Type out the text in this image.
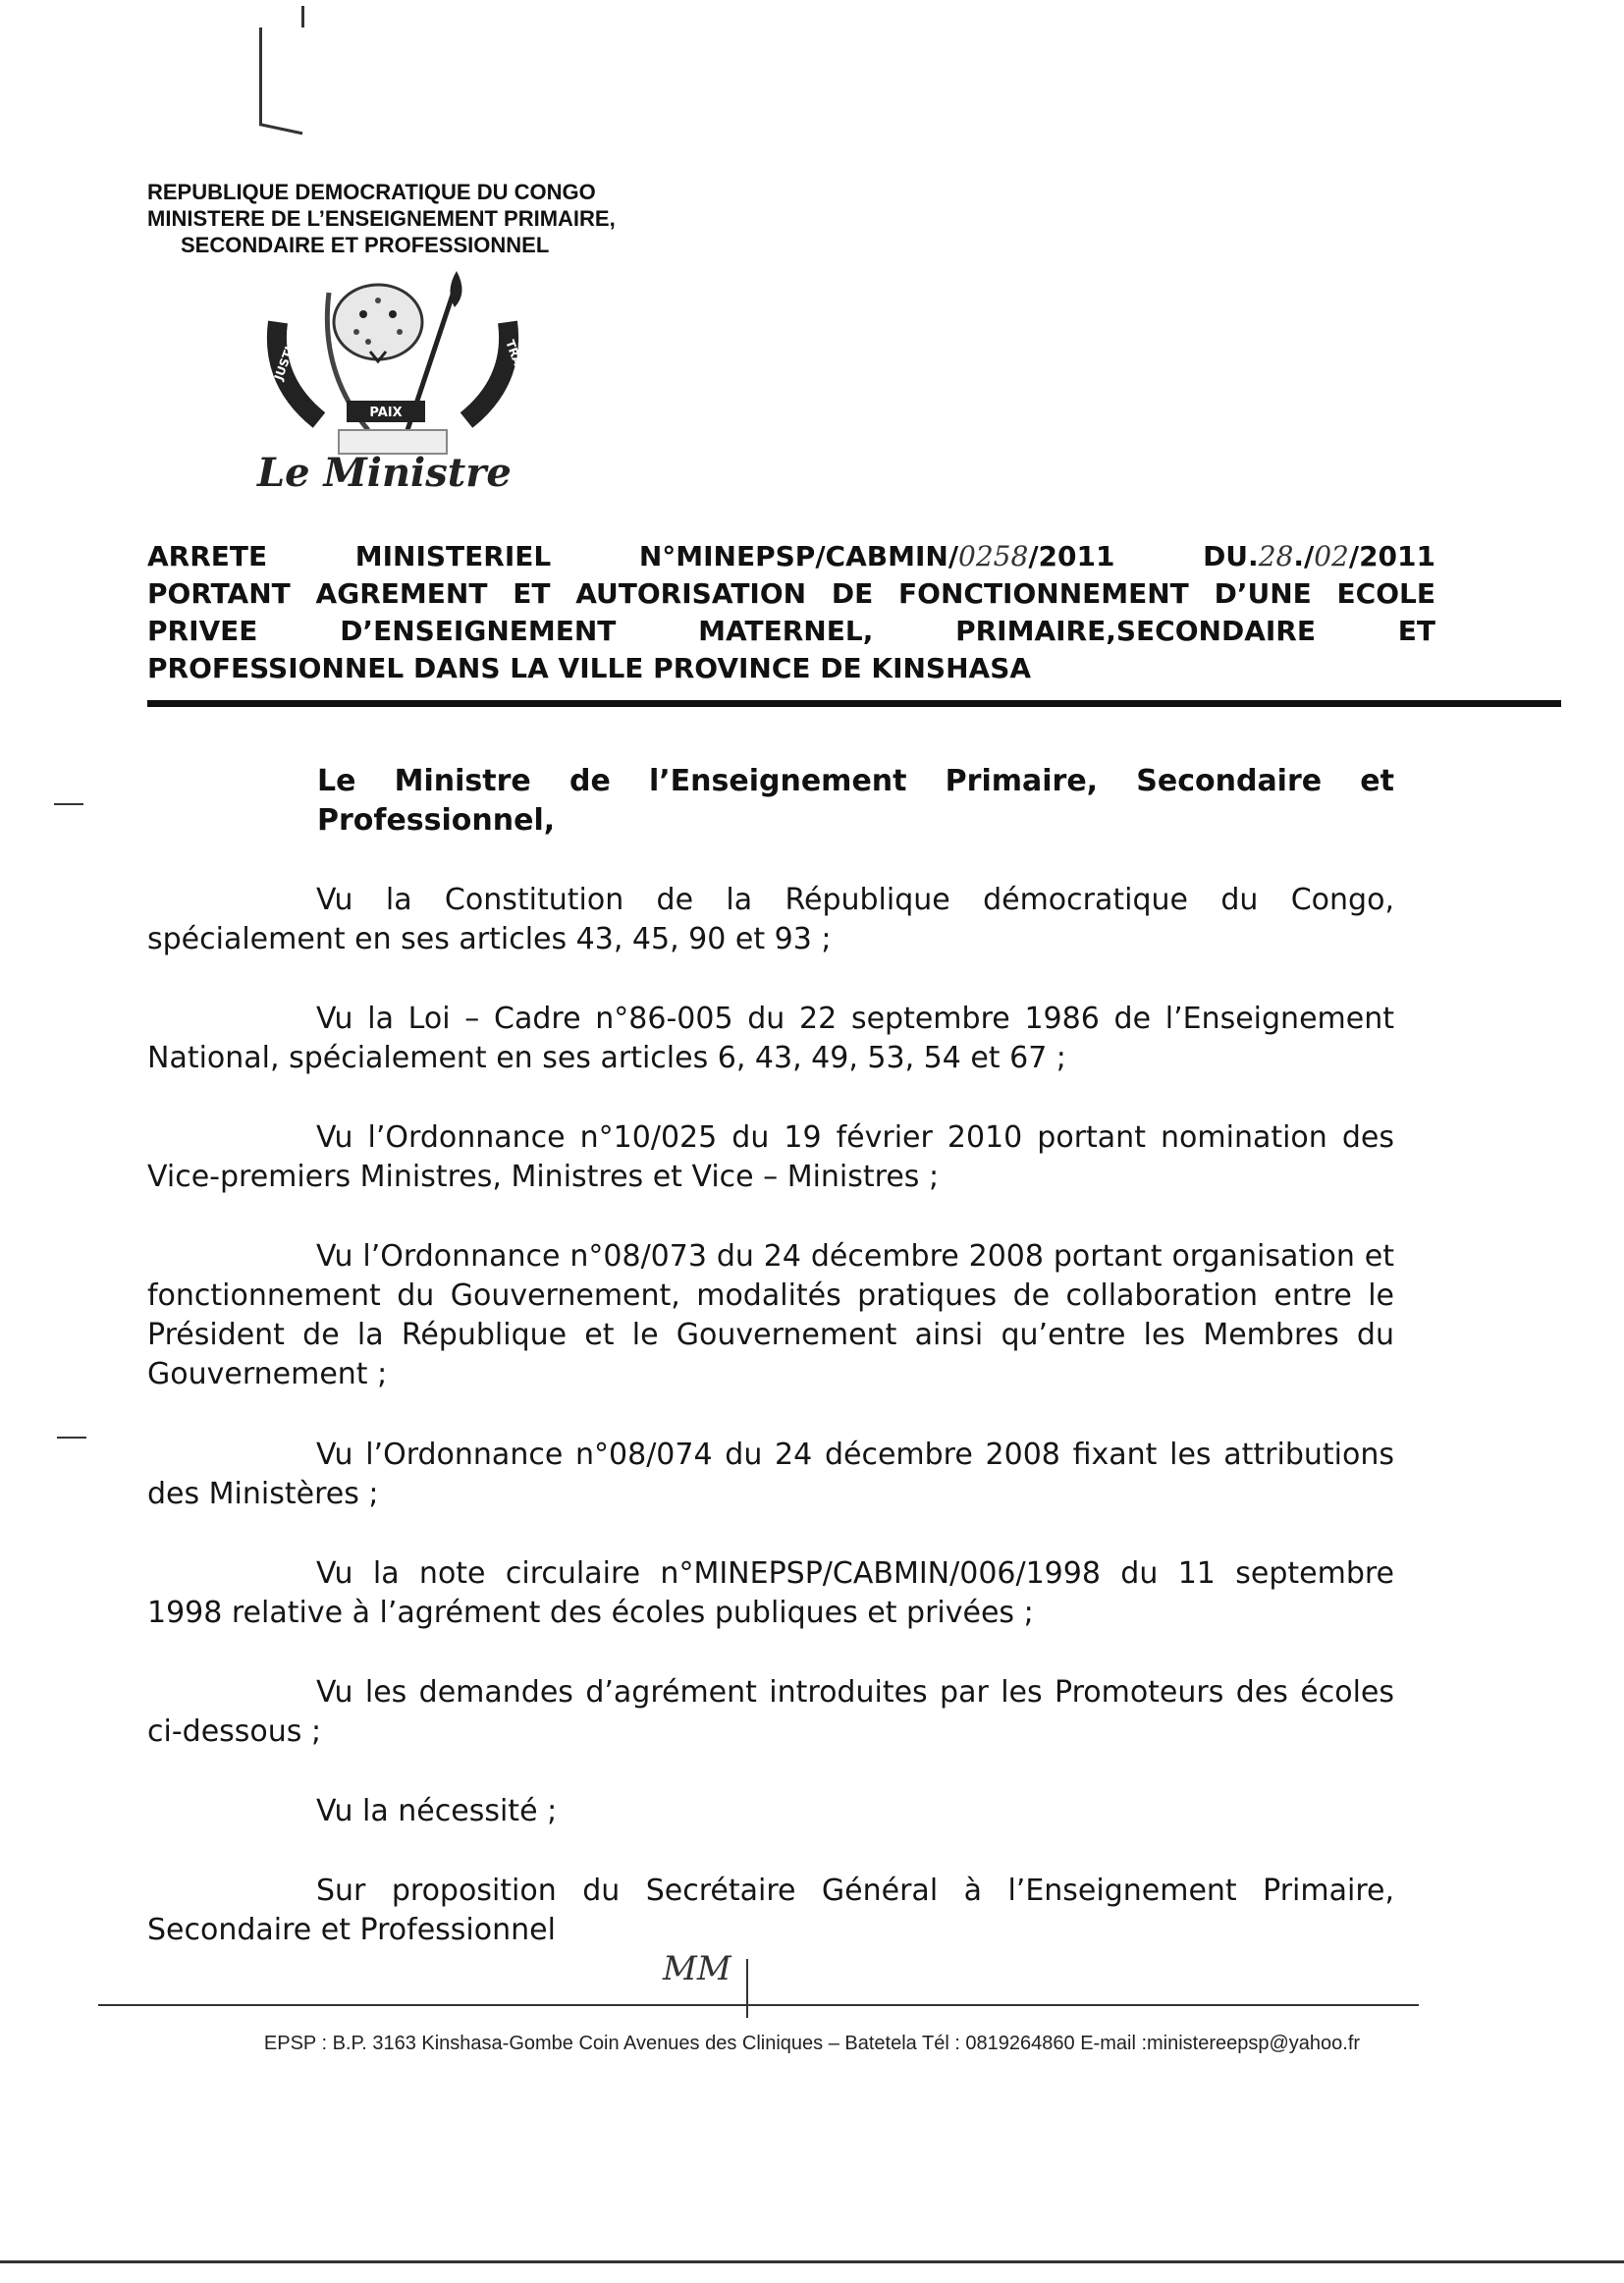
REPUBLIQUE DEMOCRATIQUE DU CONGO
MINISTERE DE L’ENSEIGNEMENT PRIMAIRE,
SECONDAIRE ET PROFESSIONNEL
PAIX
JUSTICE	TRAVAIL
Le Ministre
ARRETE	MINISTERIEL	N°MINEPSP/CABMIN/0258/2011	DU.28./02/2011
PORTANT AGREMENT ET AUTORISATION DE FONCTIONNEMENT D’UNE ECOLE
PRIVEE	D’ENSEIGNEMENT	MATERNEL,	PRIMAIRE,SECONDAIRE	ET
PROFESSIONNEL DANS LA VILLE PROVINCE DE KINSHASA
Le Ministre de l’Enseignement Primaire, Secondaire et Professionnel,
Vu la Constitution de la République démocratique du Congo, spécialement en ses articles 43, 45, 90 et 93 ;
Vu la Loi – Cadre n°86-005 du 22 septembre 1986 de l’Enseignement National, spécialement en ses articles 6, 43, 49, 53, 54 et 67 ;
Vu l’Ordonnance n°10/025 du 19 février 2010 portant nomination des Vice-premiers Ministres, Ministres et Vice – Ministres ;
Vu l’Ordonnance n°08/073 du 24 décembre 2008 portant organisation et fonctionnement du Gouvernement, modalités pratiques de collaboration entre le Président de la République et le Gouvernement ainsi qu’entre les Membres du Gouvernement ;
Vu l’Ordonnance n°08/074 du 24 décembre 2008 fixant les attributions des Ministères ;
Vu la note circulaire n°MINEPSP/CABMIN/006/1998 du 11 septembre 1998 relative à l’agrément des écoles publiques et privées ;
Vu les demandes d’agrément introduites par les Promoteurs des écoles ci-dessous ;
Vu la nécessité ;
Sur proposition du Secrétaire Général à l’Enseignement Primaire, Secondaire et Professionnel
MM
EPSP : B.P. 3163 Kinshasa-Gombe Coin Avenues des Cliniques – Batetela Tél : 0819264860 E-mail :ministereepsp@yahoo.fr
